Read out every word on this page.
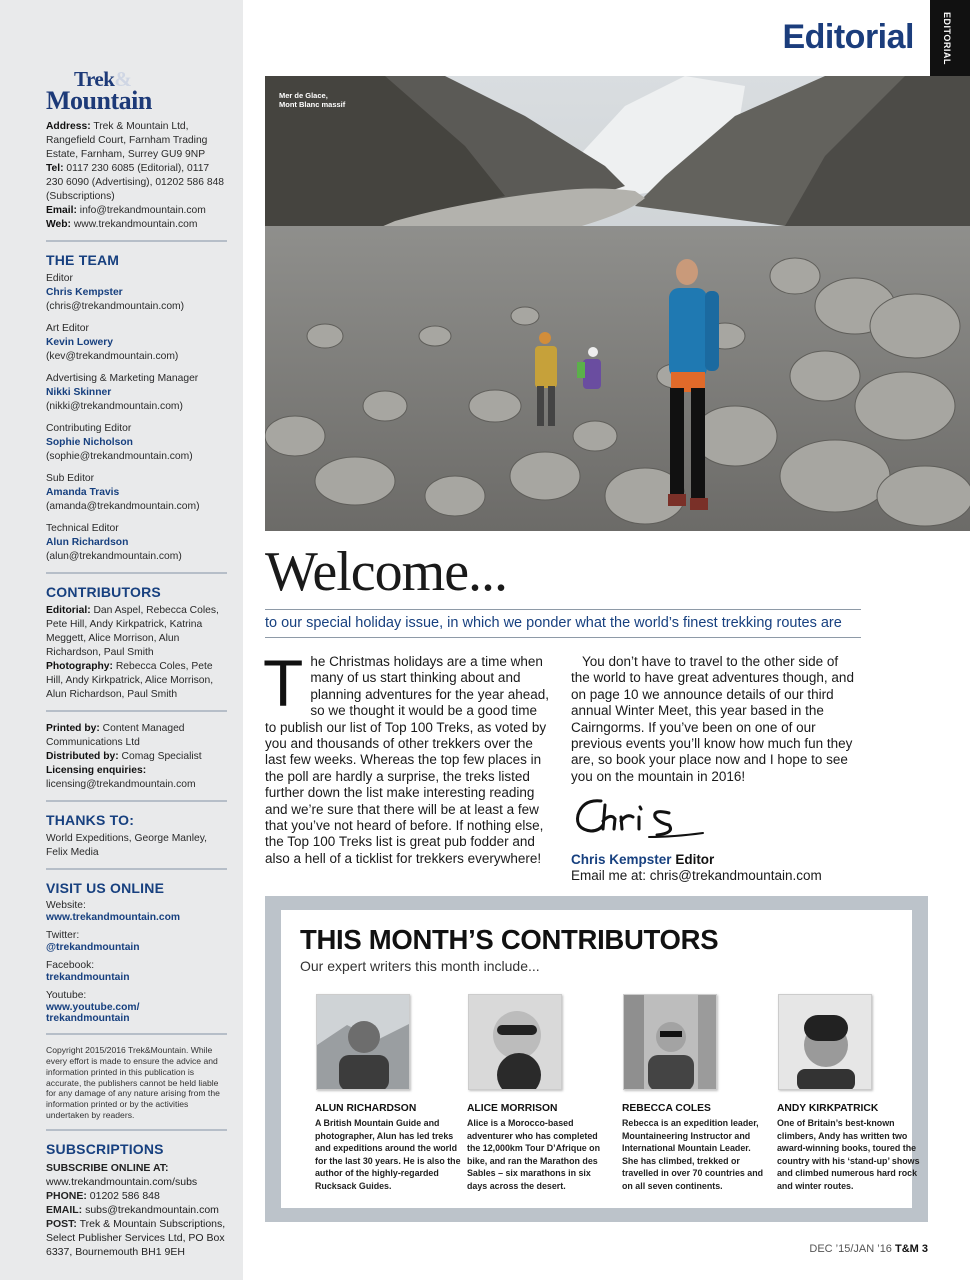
Trek&
Mountain
Address: Trek & Mountain Ltd, Rangefield Court, Farnham Trading Estate, Farnham, Surrey GU9 9NP
Tel: 0117 230 6085 (Editorial), 0117 230 6090 (Advertising), 01202 586 848 (Subscriptions)
Email: info@trekandmountain.com
Web: www.trekandmountain.com
THE TEAM
Editor
Chris Kempster
(chris@trekandmountain.com)
Art Editor
Kevin Lowery
(kev@trekandmountain.com)
Advertising & Marketing Manager
Nikki Skinner
(nikki@trekandmountain.com)
Contributing Editor
Sophie Nicholson
(sophie@trekandmountain.com)
Sub Editor
Amanda Travis
(amanda@trekandmountain.com)
Technical Editor
Alun Richardson
(alun@trekandmountain.com)
CONTRIBUTORS
Editorial: Dan Aspel, Rebecca Coles, Pete Hill, Andy Kirkpatrick, Katrina Meggett, Alice Morrison, Alun Richardson, Paul Smith
Photography: Rebecca Coles, Pete Hill, Andy Kirkpatrick, Alice Morrison, Alun Richardson, Paul Smith
Printed by: Content Managed Communications Ltd
Distributed by: Comag Specialist
Licensing enquiries:
licensing@trekandmountain.com
THANKS TO:
World Expeditions, George Manley, Felix Media
VISIT US ONLINE
Website:
www.trekandmountain.com
Twitter:
@trekandmountain
Facebook:
trekandmountain
Youtube:
www.youtube.com/ trekandmountain
Copyright 2015/2016 Trek&Mountain. While every effort is made to ensure the advice and information printed in this publication is accurate, the publishers cannot be held liable for any damage of any nature arising from the information printed or by the activities undertaken by readers.
SUBSCRIPTIONS
SUBSCRIBE ONLINE AT:
www.trekandmountain.com/subs
PHONE: 01202 586 848
EMAIL: subs@trekandmountain.com
POST: Trek & Mountain Subscriptions, Select Publisher Services Ltd, PO Box 6337, Bournemouth BH1 9EH
Editorial	EDITORIAL
Mer de Glace,
Mont Blanc massif
Welcome...
to our special holiday issue, in which we ponder what the world’s finest trekking routes are
The Christmas holidays are a time when many of us start thinking about and planning adventures for the year ahead, so we thought it would be a good time to publish our list of Top 100 Treks, as voted by you and thousands of other trekkers over the last few weeks. Whereas the top few places in the poll are hardly a surprise, the treks listed further down the list make interesting reading and we’re sure that there will be at least a few that you’ve not heard of before. If nothing else, the Top 100 Treks list is great pub fodder and also a hell of a ticklist for trekkers everywhere!
You don’t have to travel to the other side of the world to have great adventures though, and on page 10 we announce details of our third annual Winter Meet, this year based in the Cairngorms. If you’ve been on one of our previous events you’ll know how much fun they are, so book your place now and I hope to see you on the mountain in 2016!
Chris Kempster Editor
Email me at: chris@trekandmountain.com
THIS MONTH’S CONTRIBUTORS
Our expert writers this month include...
ALUN RICHARDSON
A British Mountain Guide and photographer, Alun has led treks and expeditions around the world for the last 30 years. He is also the author of the highly-regarded Rucksack Guides.
ALICE MORRISON
Alice is a Morocco-based adventurer who has completed the 12,000km Tour D’Afrique on bike, and ran the Marathon des Sables – six marathons in six days across the desert.
REBECCA COLES
Rebecca is an expedition leader, Mountaineering Instructor and International Mountain Leader. She has climbed, trekked or travelled in over 70 countries and on all seven continents.
ANDY KIRKPATRICK
One of Britain’s best-known climbers, Andy has written two award-winning books, toured the country with his ‘stand-up’ shows and climbed numerous hard rock and winter routes.
DEC ’15/JAN ’16 T&M 3
